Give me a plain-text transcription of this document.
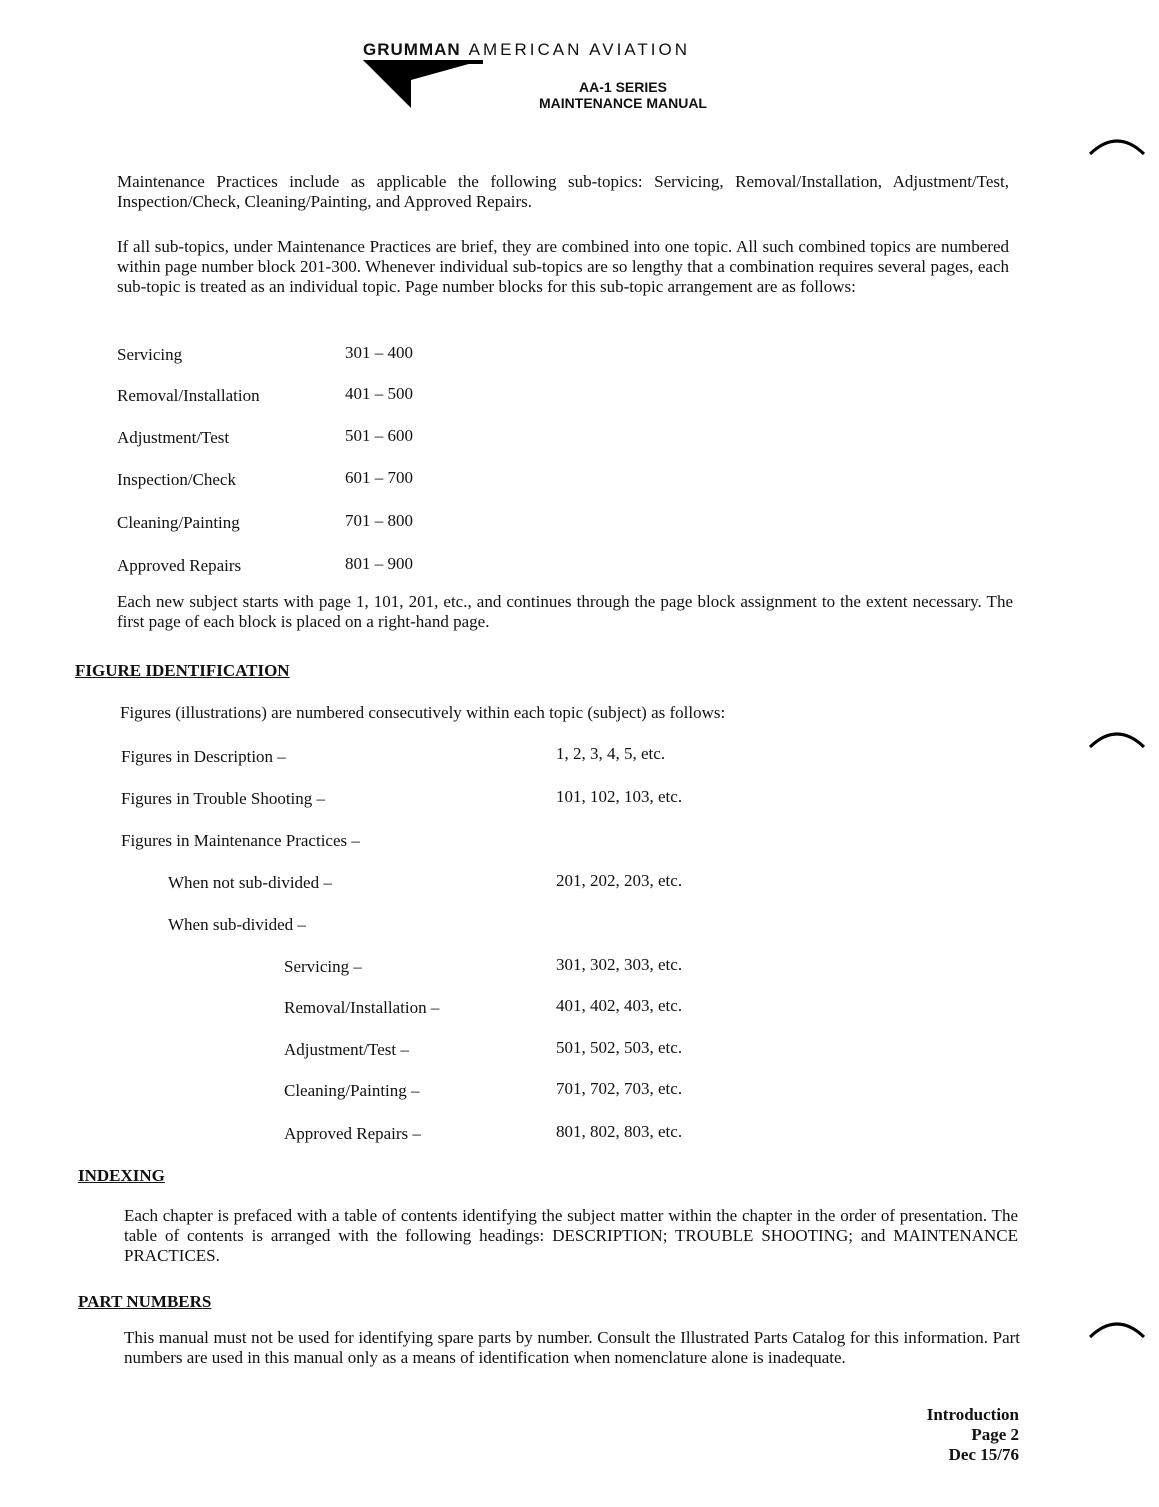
GRUMMAN AMERICAN AVIATION
AA-1 SERIES
MAINTENANCE MANUAL
Maintenance Practices include as applicable the following sub-topics: Servicing, Removal/Installation, Adjustment/Test, Inspection/Check, Cleaning/Painting, and Approved Repairs.
If all sub-topics, under Maintenance Practices are brief, they are combined into one topic. All such combined topics are numbered within page number block 201-300. Whenever individual sub-topics are so lengthy that a combination requires several pages, each sub-topic is treated as an individual topic. Page number blocks for this sub-topic arrangement are as follows:
Servicing	301 – 400
Removal/Installation	401 – 500
Adjustment/Test	501 – 600
Inspection/Check	601 – 700
Cleaning/Painting	701 – 800
Approved Repairs	801 – 900
Each new subject starts with page 1, 101, 201, etc., and continues through the page block assignment to the extent necessary. The first page of each block is placed on a right-hand page.
FIGURE IDENTIFICATION
Figures (illustrations) are numbered consecutively within each topic (subject) as follows:
Figures in Description –	1, 2, 3, 4, 5, etc.
Figures in Trouble Shooting –	101, 102, 103, etc.
Figures in Maintenance Practices –
When not sub-divided –	201, 202, 203, etc.
When sub-divided –
Servicing –	301, 302, 303, etc.
Removal/Installation –	401, 402, 403, etc.
Adjustment/Test –	501, 502, 503, etc.
Cleaning/Painting –	701, 702, 703, etc.
Approved Repairs –	801, 802, 803, etc.
INDEXING
Each chapter is prefaced with a table of contents identifying the subject matter within the chapter in the order of presentation. The table of contents is arranged with the following headings: DESCRIPTION; TROUBLE SHOOTING; and MAINTENANCE PRACTICES.
PART NUMBERS
This manual must not be used for identifying spare parts by number. Consult the Illustrated Parts Catalog for this information. Part numbers are used in this manual only as a means of identification when nomenclature alone is inadequate.
Introduction
Page 2
Dec 15/76
